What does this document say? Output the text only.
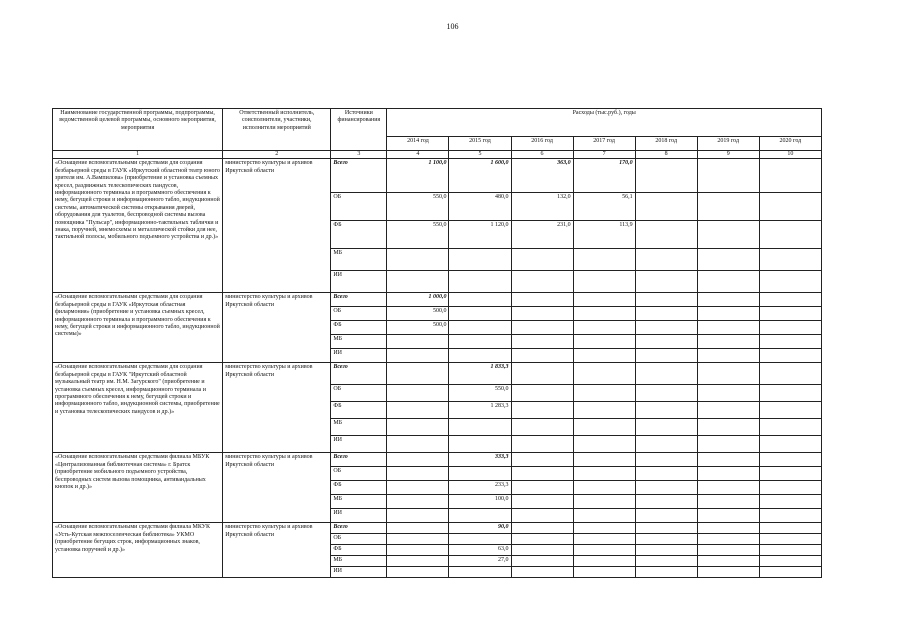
106
Наименование государственной программы, подпрограммы, ведомственной целевой программы, основного мероприятия, мероприятия	Ответственный исполнитель, соисполнители, участники, исполнители мероприятий	Источники финансирования	Расходы (тыс.руб.), годы						
			2014 год	2015 год	2016 год	2017 год	2018 год	2019 год	2020 год
1	2	3	4	5	6	7	8	9	10
«Оснащение вспомогательными средствами для создания безбарьерной среды в ГАУК «Иркутский областной театр юного зрителя им. А.Вампилова» (приобретение и установка съемных кресел, раздвижных телескопических пандусов, информационного терминала и программного обеспечения к нему, бегущей строки и информационного табло, индукционной системы, автоматической системы открывания дверей, оборудования для туалетов, беспроводной системы вызова помощника "Пульсар", информационно-тактильных таблички и знака, поручней, мнемосхемы и металлической стойки для нее, тактильной полосы, мобильного подъемного устройства и др.)»	министерство культуры и архивов Иркутской области	Всего	1 100,0	1 600,0	363,0	170,0			
		ОБ	550,0	480,0	132,0	56,1			
		ФБ	550,0	1 120,0	231,0	113,9			
		МБ							
		ИИ							
«Оснащение вспомогательными средствами для создания безбарьерной среды в ГАУК «Иркутская областная филармония» (приобретение и установка съемных кресел, информационного терминала и программного обеспечения к нему, бегущей строки и информационного табло, индукционной системы)»	министерство культуры и архивов Иркутской области	Всего	1 000,0						
		ОБ	500,0						
		ФБ	500,0						
		МБ							
		ИИ							
«Оснащение вспомогательными средствами для создания безбарьерной среды в ГАУК "Иркутский областной музыкальный театр им. Н.М. Загурского" (приобретение и установка съемных кресел, информационного терминала и программного обеспечения к нему, бегущей строки и информационного табло, индукционной системы, приобретение и установка телескопических пандусов и др.)»	министерство культуры и архивов Иркутской области	Всего		1 833,3					
		ОБ		550,0					
		ФБ		1 283,3					
		МБ							
		ИИ							
«Оснащение вспомогательными средствами филиала МБУК «Централизованная библиотечная система» г. Братск (приобретение мобильного подъемного устройства, беспроводных систем вызова помощника, антивандальных кнопок и др.)»	министерство культуры и архивов Иркутской области	Всего		333,3					
		ОБ							
		ФБ		233,3					
		МБ		100,0					
		ИИ							
«Оснащение вспомогательными средствами филиала МКУК «Усть-Кутская межпоселенческая библиотека» УКМО (приобретение бегущих строк, информационных знаков, установка поручней и др.)»	министерство культуры и архивов Иркутской области	Всего		90,0					
		ОБ							
		ФБ		63,0					
		МБ		27,0					
		ИИ							
